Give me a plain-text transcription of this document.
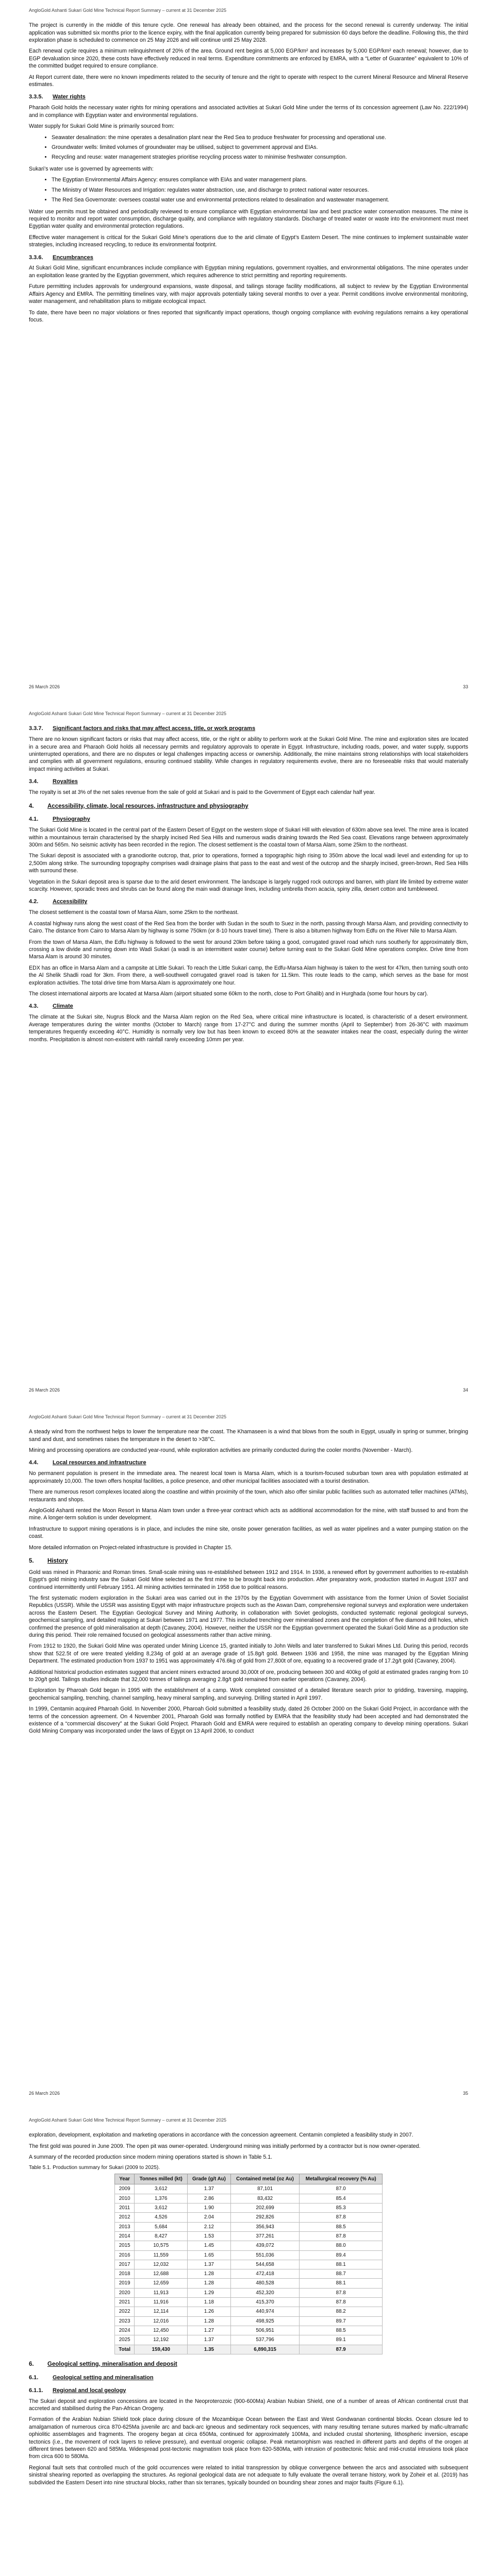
AngloGold Ashanti Sukari Gold Mine Technical Report Summary – current at 31 December 2025

The project is currently in the middle of this tenure cycle. One renewal has already been obtained, and the process for the second renewal is currently underway. The initial application was submitted six months prior to the licence expiry, with the final application currently being prepared for submission 60 days before the deadline. Following this, the third exploration phase is scheduled to commence on 25 May 2026 and will continue until 25 May 2028.

Each renewal cycle requires a minimum relinquishment of 20% of the area. Ground rent begins at 5,000 EGP/km² and increases by 5,000 EGP/km² each renewal; however, due to EGP devaluation since 2020, these costs have effectively reduced in real terms. Expenditure commitments are enforced by EMRA, with a “Letter of Guarantee” equivalent to 10% of the committed budget required to ensure compliance.

At Report current date, there were no known impediments related to the security of tenure and the right to operate with respect to the current Mineral Resource and Mineral Reserve estimates.

3.3.5. Water rights

Pharaoh Gold holds the necessary water rights for mining operations and associated activities at Sukari Gold Mine under the terms of its concession agreement (Law No. 222/1994) and in compliance with Egyptian water and environmental regulations.

Water supply for Sukari Gold Mine is primarily sourced from:

• Seawater desalination: the mine operates a desalination plant near the Red Sea to produce freshwater for processing and operational use.
• Groundwater wells: limited volumes of groundwater may be utilised, subject to government approval and EIAs.
• Recycling and reuse: water management strategies prioritise recycling process water to minimise freshwater consumption.

Sukari’s water use is governed by agreements with:

• The Egyptian Environmental Affairs Agency: ensures compliance with EIAs and water management plans.
• The Ministry of Water Resources and Irrigation: regulates water abstraction, use, and discharge to protect national water resources.
• The Red Sea Governorate: oversees coastal water use and environmental protections related to desalination and wastewater management.

Water use permits must be obtained and periodically reviewed to ensure compliance with Egyptian environmental law and best practice water conservation measures. The mine is required to monitor and report water consumption, discharge quality, and compliance with regulatory standards. Discharge of treated water or waste into the environment must meet Egyptian water quality and environmental protection regulations.

Effective water management is critical for the Sukari Gold Mine’s operations due to the arid climate of Egypt’s Eastern Desert. The mine continues to implement sustainable water strategies, including increased recycling, to reduce its environmental footprint.

3.3.6. Encumbrances

At Sukari Gold Mine, significant encumbrances include compliance with Egyptian mining regulations, government royalties, and environmental obligations. The mine operates under an exploitation lease granted by the Egyptian government, which requires adherence to strict permitting and reporting requirements.

Future permitting includes approvals for underground expansions, waste disposal, and tailings storage facility modifications, all subject to review by the Egyptian Environmental Affairs Agency and EMRA. The permitting timelines vary, with major approvals potentially taking several months to over a year. Permit conditions involve environmental monitoring, water management, and rehabilitation plans to mitigate ecological impact.

To date, there have been no major violations or fines reported that significantly impact operations, though ongoing compliance with evolving regulations remains a key operational focus.

26 March 2026	33
AngloGold Ashanti Sukari Gold Mine Technical Report Summary – current at 31 December 2025
3.3.7. Significant factors and risks that may affect access, title, or work programs

There are no known significant factors or risks that may affect access, title, or the right or ability to perform work at the Sukari Gold Mine. The mine and exploration sites are located in a secure area and Pharaoh Gold holds all necessary permits and regulatory approvals to operate in Egypt. Infrastructure, including roads, power, and water supply, supports uninterrupted operations, and there are no disputes or legal challenges impacting access or ownership. Additionally, the mine maintains strong relationships with local stakeholders and complies with all government regulations, ensuring continued stability. While changes in regulatory requirements evolve, there are no foreseeable risks that would materially impact mining activities at Sukari.

3.4.	Royalties

The royalty is set at 3% of the net sales revenue from the sale of gold at Sukari and is paid to the Government of Egypt each calendar half year.

4. Accessibility, climate, local resources, infrastructure and physiography
4.1.	Physiography

The Sukari Gold Mine is located in the central part of the Eastern Desert of Egypt on the western slope of Sukari Hill with elevation of 630m above sea level. The mine area is located within a mountainous terrain characterised by the sharply incised Red Sea Hills and numerous wadis draining towards the Red Sea coast. Elevations range between approximately 300m and 565m. No seismic activity has been recorded in the region. The closest settlement is the coastal town of Marsa Alam, some 25km to the northeast.

The Sukari deposit is associated with a granodiorite outcrop, that, prior to operations, formed a topographic high rising to 350m above the local wadi level and extending for up to 2,500m along strike. The surrounding topography comprises wadi drainage plains that pass to the east and west of the outcrop and the sharply incised, green-brown, Red Sea Hills with surround these.

Vegetation in the Sukari deposit area is sparse due to the arid desert environment. The landscape is largely rugged rock outcrops and barren, with plant life limited by extreme water scarcity. However, sporadic trees and shrubs can be found along the main wadi drainage lines, including umbrella thorn acacia, spiny zilla, desert cotton and tumbleweed.

4.2.	Accessibility

The closest settlement is the coastal town of Marsa Alam, some 25km to the northeast.

A coastal highway runs along the west coast of the Red Sea from the border with Sudan in the south to Suez in the north, passing through Marsa Alam, and providing connectivity to Cairo. The distance from Cairo to Marsa Alam by highway is some 750km (or 8-10 hours travel time). There is also a bitumen highway from Edfu on the River Nile to Marsa Alam.

From the town of Marsa Alam, the Edfu highway is followed to the west for around 20km before taking a good, corrugated gravel road which runs southerly for approximately 8km, crossing a low divide and running down into Wadi Sukari (a wadi is an intermittent water course) before turning east to the Sukari Gold Mine operations complex. Drive time from Marsa Alam is around 30 minutes.

EDX has an office in Marsa Alam and a campsite at Little Sukari. To reach the Little Sukari camp, the Edfu-Marsa Alam highway is taken to the west for 47km, then turning south onto the Al Shelik Shadli road for 3km. From there, a well-southwell corrugated gravel road is taken for 11.5km. This route leads to the camp, which serves as the base for most exploration activities. The total drive time from Marsa Alam is approximately one hour.

The closest international airports are located at Marsa Alam (airport situated some 60km to the north, close to Port Ghalib) and in Hurghada (some four hours by car).

4.3.	Climate

The climate at the Sukari site, Nugrus Block and the Marsa Alam region on the Red Sea, where critical mine infrastructure is located, is characteristic of a desert environment. Average temperatures during the winter months (October to March) range from 17-27°C and during the summer months (April to September) from 26-36°C with maximum temperatures frequently exceeding 40°C. Humidity is normally very low but has been known to exceed 80% at the seawater intakes near the coast, especially during the winter months. Precipitation is almost non-existent with rainfall rarely exceeding 10mm per year.

26 March 2026	34
AngloGold Ashanti Sukari Gold Mine Technical Report Summary – current at 31 December 2025

A steady wind from the northwest helps to lower the temperature near the coast. The Khamaseen is a wind that blows from the south in Egypt, usually in spring or summer, bringing sand and dust, and sometimes raises the temperature in the desert to >38°C.

Mining and processing operations are conducted year-round, while exploration activities are primarily conducted during the cooler months (November - March).

4.4.	Local resources and infrastructure

No permanent population is present in the immediate area. The nearest local town is Marsa Alam, which is a tourism-focused suburban town area with population estimated at approximately 10,000. The town offers hospital facilities, a police presence, and other municipal facilities associated with a tourist destination.

There are numerous resort complexes located along the coastline and within proximity of the town, which also offer similar public facilities such as automated teller machines (ATMs), restaurants and shops.

AngloGold Ashanti rented the Moon Resort in Marsa Alam town under a three-year contract which acts as additional accommodation for the mine, with staff bussed to and from the mine. A longer-term solution is under development.

Infrastructure to support mining operations is in place, and includes the mine site, onsite power generation facilities, as well as water pipelines and a water pumping station on the coast.

More detailed information on Project-related infrastructure is provided in Chapter 15.

5. History

Gold was mined in Pharaonic and Roman times. Small-scale mining was re-established between 1912 and 1914. In 1936, a renewed effort by government authorities to re-establish Egypt’s gold mining industry saw the Sukari Gold Mine selected as the first mine to be brought back into production. After preparatory work, production started in August 1937 and continued intermittently until February 1951. All mining activities terminated in 1958 due to political reasons.

The first systematic modern exploration in the Sukari area was carried out in the 1970s by the Egyptian Government with assistance from the former Union of Soviet Socialist Republics (USSR). While the USSR was assisting Egypt with major infrastructure projects such as the Aswan Dam, comprehensive regional surveys and exploration were undertaken across the Eastern Desert. The Egyptian Geological Survey and Mining Authority, in collaboration with Soviet geologists, conducted systematic regional geological surveys, geochemical sampling, and detailed mapping at Sukari between 1971 and 1977. This included trenching over mineralised zones and the completion of five diamond drill holes, which confirmed the presence of gold mineralisation at depth (Cavaney, 2004). However, neither the USSR nor the Egyptian government operated the Sukari Gold Mine as a production site during this period. Their role remained focused on geological assessments rather than active mining.

From 1912 to 1920, the Sukari Gold Mine was operated under Mining Licence 15, granted initially to John Wells and later transferred to Sukari Mines Ltd. During this period, records show that 522.5t of ore were treated yielding 8,234g of gold at an average grade of 15.8g/t gold. Between 1936 and 1958, the mine was managed by the Egyptian Mining Department. The estimated production from 1937 to 1951 was approximately 476.6kg of gold from 27,800t of ore, equating to a recovered grade of 17.2g/t gold (Cavaney, 2004).

Additional historical production estimates suggest that ancient miners extracted around 30,000t of ore, producing between 300 and 400kg of gold at estimated grades ranging from 10 to 20g/t gold. Tailings studies indicate that 32,000 tonnes of tailings averaging 2.8g/t gold remained from earlier operations (Cavaney, 2004).

Exploration by Pharoah Gold began in 1995 with the establishment of a camp. Work completed consisted of a detailed literature search prior to gridding, traversing, mapping, geochemical sampling, trenching, channel sampling, heavy mineral sampling, and surveying. Drilling started in April 1997.

In 1999, Centamin acquired Pharoah Gold. In November 2000, Pharoah Gold submitted a feasibility study, dated 26 October 2000 on the Sukari Gold Project, in accordance with the terms of the concession agreement. On 4 November 2001, Pharoah Gold was formally notified by EMRA that the feasibility study had been accepted and had demonstrated the existence of a “commercial discovery” at the Sukari Gold Project. Pharaoh Gold and EMRA were required to establish an operating company to develop mining operations. Sukari Gold Mining Company was incorporated under the laws of Egypt on 13 April 2006, to conduct

26 March 2026	35
AngloGold Ashanti Sukari Gold Mine Technical Report Summary – current at 31 December 2025

exploration, development, exploitation and marketing operations in accordance with the concession agreement. Centamin completed a feasibility study in 2007.

The first gold was poured in June 2009. The open pit was owner-operated. Underground mining was initially performed by a contractor but is now owner-operated.

A summary of the recorded production since modern mining operations started is shown in Table 5.1.

Table 5.1. Production summary for Sukari (2009 to 2025).
Year	Tonnes milled (kt)	Grade (g/t Au)	Contained metal (oz Au)	Metallurgical recovery (% Au)
2009	3,612	1.37	87,101	87.0
2010	1,376	2.86	83,432	85.4
2011	3,612	1.90	202,699	85.3
2012	4,526	2.04	292,826	87.8
2013	5,684	2.12	356,943	88.5
2014	8,427	1.53	377,261	87.8
2015	10,575	1.45	439,072	88.0
2016	11,559	1.65	551,036	89.4
2017	12,032	1.37	544,658	88.1
2018	12,688	1.28	472,418	88.7
2019	12,659	1.28	480,528	88.1
2020	11,913	1.29	452,320	87.8
2021	11,916	1.18	415,370	87.8
2022	12,114	1.26	440,974	88.2
2023	12,016	1.28	498,925	89.7
2024	12,450	1.27	506,951	88.5
2025	12,192	1.37	537,796	89.1
Total	159,430	1.35	6,890,315	87.9
6. Geological setting, mineralisation and deposit
6.1.	Geological setting and mineralisation
6.1.1. Regional and local geology

The Sukari deposit and exploration concessions are located in the Neoproterozoic (900-600Ma) Arabian Nubian Shield, one of a number of areas of African continental crust that accreted and stabilised during the Pan-African Orogeny.

Formation of the Arabian Nubian Shield took place during closure of the Mozambique Ocean between the East and West Gondwanan continental blocks. Ocean closure led to amalgamation of numerous circa 870-625Ma juvenile arc and back-arc igneous and sedimentary rock sequences, with many resulting terrane sutures marked by mafic-ultramafic ophiolitic assemblages and fragments. The orogeny began at circa 650Ma, continued for approximately 100Ma, and included crustal shortening, lithospheric inversion, escape tectonics (i.e., the movement of rock layers to relieve pressure), and eventual orogenic collapse. Peak metamorphism was reached in different parts and depths of the orogen at different times between 620 and 585Ma. Widespread post-tectonic magmatism took place from 620-580Ma, with intrusion of posttectonic felsic and mid-crustal intrusions took place from circa 600 to 580Ma.

Regional fault sets that controlled much of the gold occurrences were related to initial transpression by oblique convergence between the arcs and associated with subsequent sinistral shearing reported as overlapping the structures. As regional geological data are not adequate to fully evaluate the overall terrane history, work by Zoheir et al. (2019) has subdivided the Eastern Desert into nine structural blocks, rather than six terranes, typically bounded on bounding shear zones and major faults (Figure 6.1).
